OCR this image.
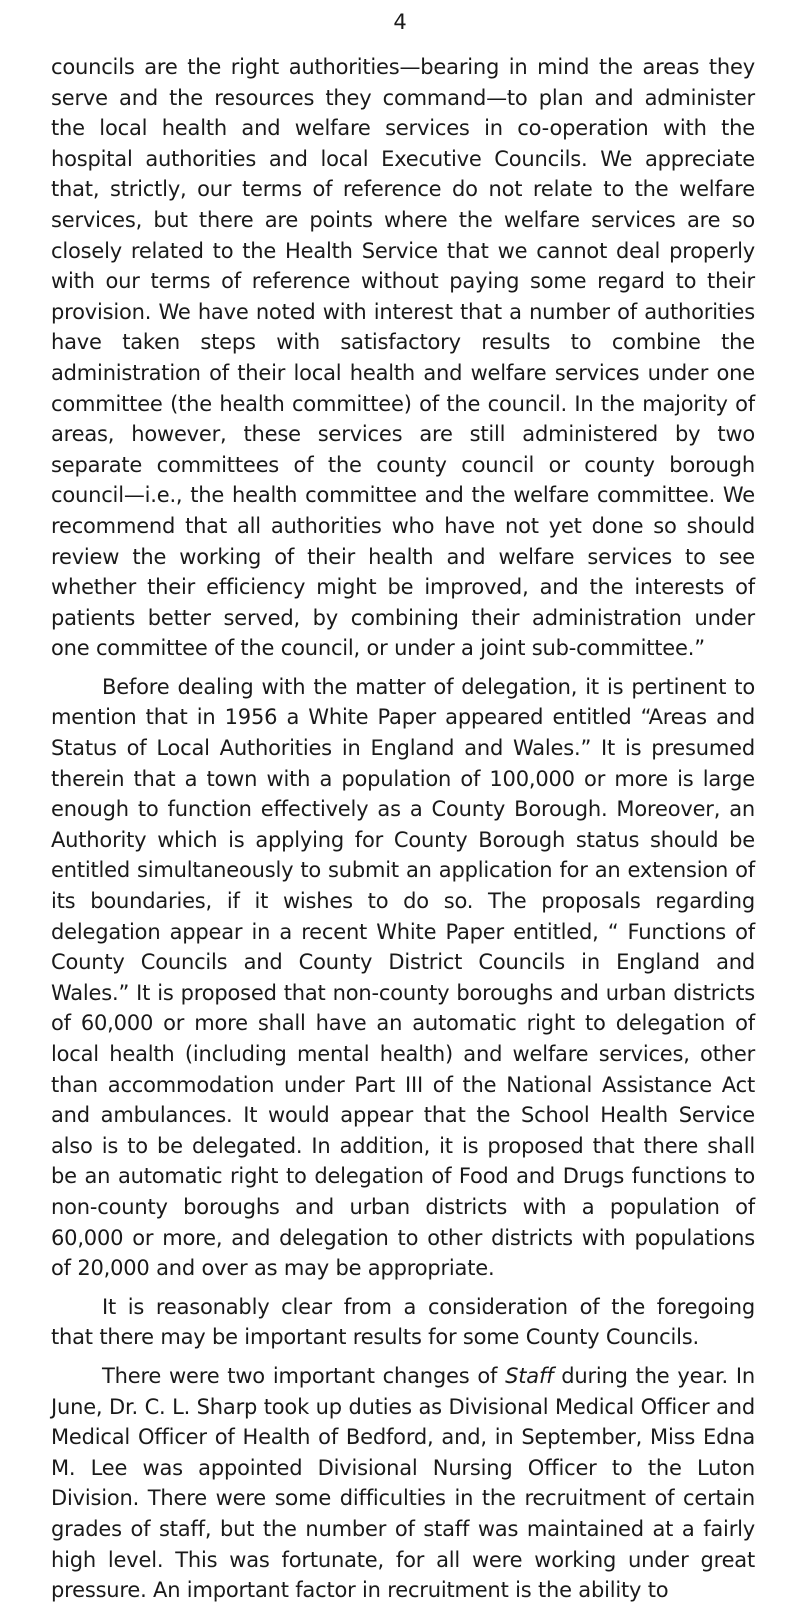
4

councils are the right authorities—bearing in mind the areas they serve and the resources they command—to plan and administer the local health and welfare services in co-operation with the hospital authorities and local Executive Councils. We appreciate that, strictly, our terms of reference do not relate to the welfare services, but there are points where the welfare services are so closely related to the Health Service that we cannot deal properly with our terms of reference without paying some regard to their provision. We have noted with interest that a number of authorities have taken steps with satisfactory results to combine the administration of their local health and welfare services under one committee (the health committee) of the council. In the majority of areas, however, these services are still administered by two separate committees of the county council or county borough council—i.e., the health committee and the welfare committee. We recommend that all authorities who have not yet done so should review the working of their health and welfare services to see whether their efficiency might be improved, and the interests of patients better served, by combining their administration under one committee of the council, or under a joint sub-committee.”

Before dealing with the matter of delegation, it is pertinent to mention that in 1956 a White Paper appeared entitled “Areas and Status of Local Authorities in England and Wales.” It is presumed therein that a town with a population of 100,000 or more is large enough to function effectively as a County Borough. Moreover, an Authority which is applying for County Borough status should be entitled simultaneously to submit an application for an extension of its boundaries, if it wishes to do so. The proposals regarding delegation appear in a recent White Paper entitled, “ Functions of County Councils and County District Councils in England and Wales.” It is proposed that non-county boroughs and urban districts of 60,000 or more shall have an automatic right to delegation of local health (including mental health) and welfare services, other than accommodation under Part III of the National Assistance Act and ambulances. It would appear that the School Health Service also is to be delegated. In addition, it is proposed that there shall be an automatic right to delegation of Food and Drugs functions to non-county boroughs and urban districts with a population of 60,000 or more, and delegation to other districts with populations of 20,000 and over as may be appropriate.

It is reasonably clear from a consideration of the foregoing that there may be important results for some County Councils.

There were two important changes of Staff during the year. In June, Dr. C. L. Sharp took up duties as Divisional Medical Officer and Medical Officer of Health of Bedford, and, in September, Miss Edna M. Lee was appointed Divisional Nursing Officer to the Luton Division. There were some difficulties in the recruitment of certain grades of staff, but the number of staff was maintained at a fairly high level. This was fortunate, for all were working under great pressure. An important factor in recruitment is the ability to
